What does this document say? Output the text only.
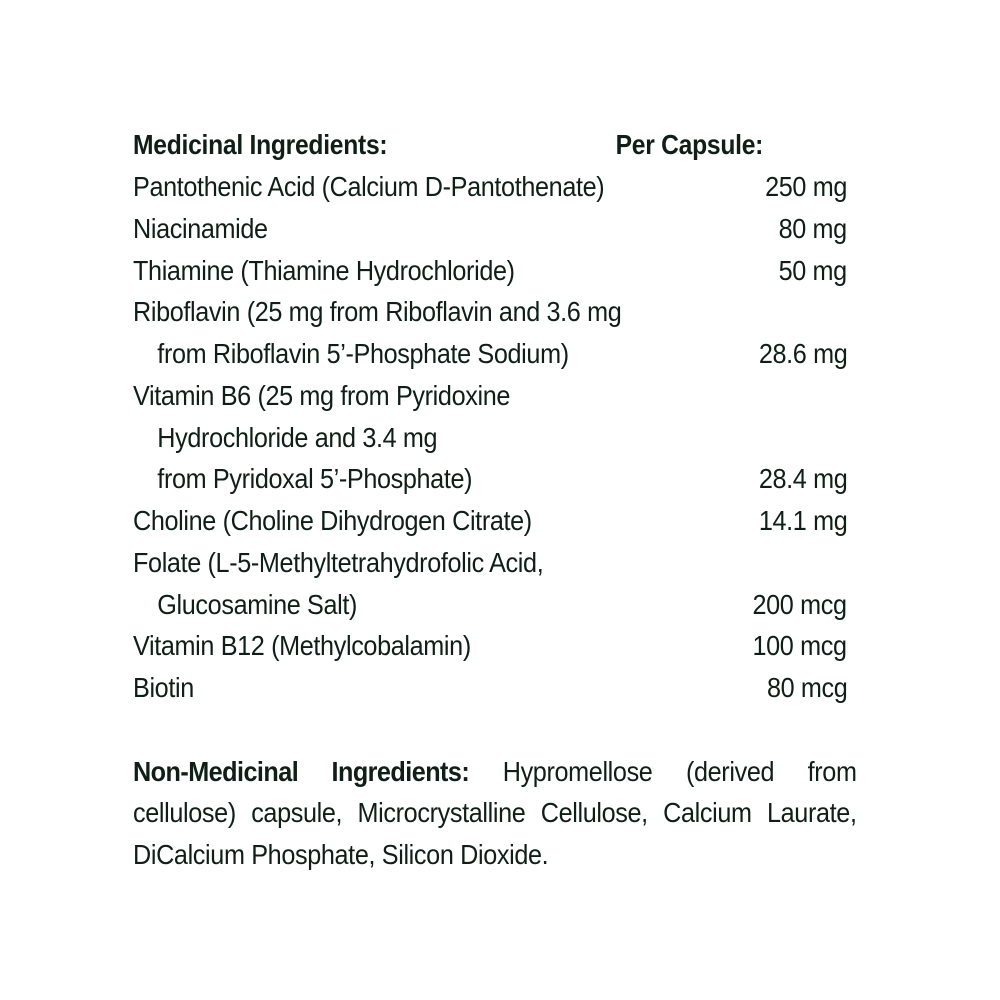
Medicinal Ingredients:	Per Capsule:
Pantothenic Acid (Calcium D-Pantothenate)	250 mg
Niacinamide	80 mg
Thiamine (Thiamine Hydrochloride)	50 mg
Riboflavin (25 mg from Riboflavin and 3.6 mg
from Riboflavin 5’-Phosphate Sodium)	28.6 mg
Vitamin B6 (25 mg from Pyridoxine
Hydrochloride and 3.4 mg
from Pyridoxal 5’-Phosphate)	28.4 mg
Choline (Choline Dihydrogen Citrate)	14.1 mg
Folate (L-5-Methyltetrahydrofolic Acid,
Glucosamine Salt)	200 mcg
Vitamin B12 (Methylcobalamin)	100 mcg
Biotin	80 mcg
Non-Medicinal Ingredients: Hypromellose (derived from cellulose) capsule, Microcrystalline Cellulose, Calcium Laurate, DiCalcium Phosphate, Silicon Dioxide.
